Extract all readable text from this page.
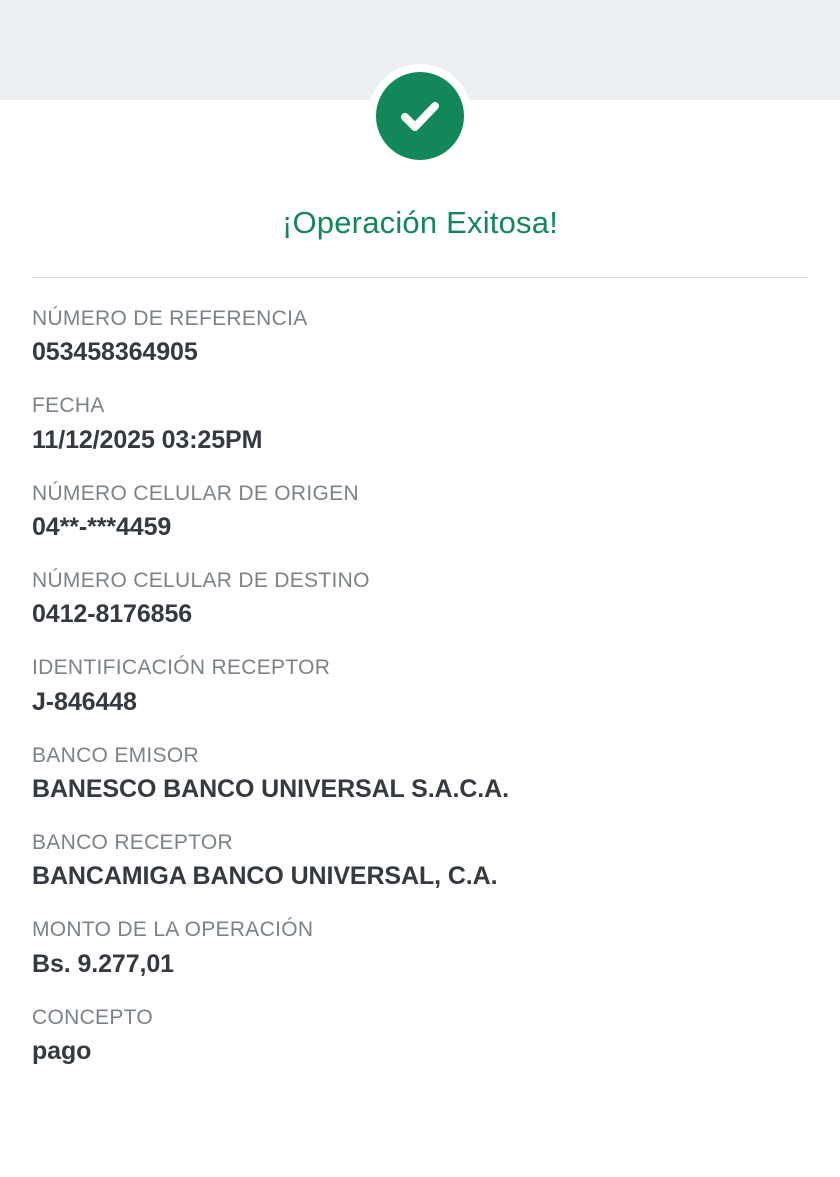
¡Operación Exitosa!
NÚMERO DE REFERENCIA
053458364905
FECHA
11/12/2025 03:25PM
NÚMERO CELULAR DE ORIGEN
04**-***4459
NÚMERO CELULAR DE DESTINO
0412-8176856
IDENTIFICACIÓN RECEPTOR
J-846448
BANCO EMISOR
BANESCO BANCO UNIVERSAL S.A.C.A.
BANCO RECEPTOR
BANCAMIGA BANCO UNIVERSAL, C.A.
MONTO DE LA OPERACIÓN
Bs. 9.277,01
CONCEPTO
pago
